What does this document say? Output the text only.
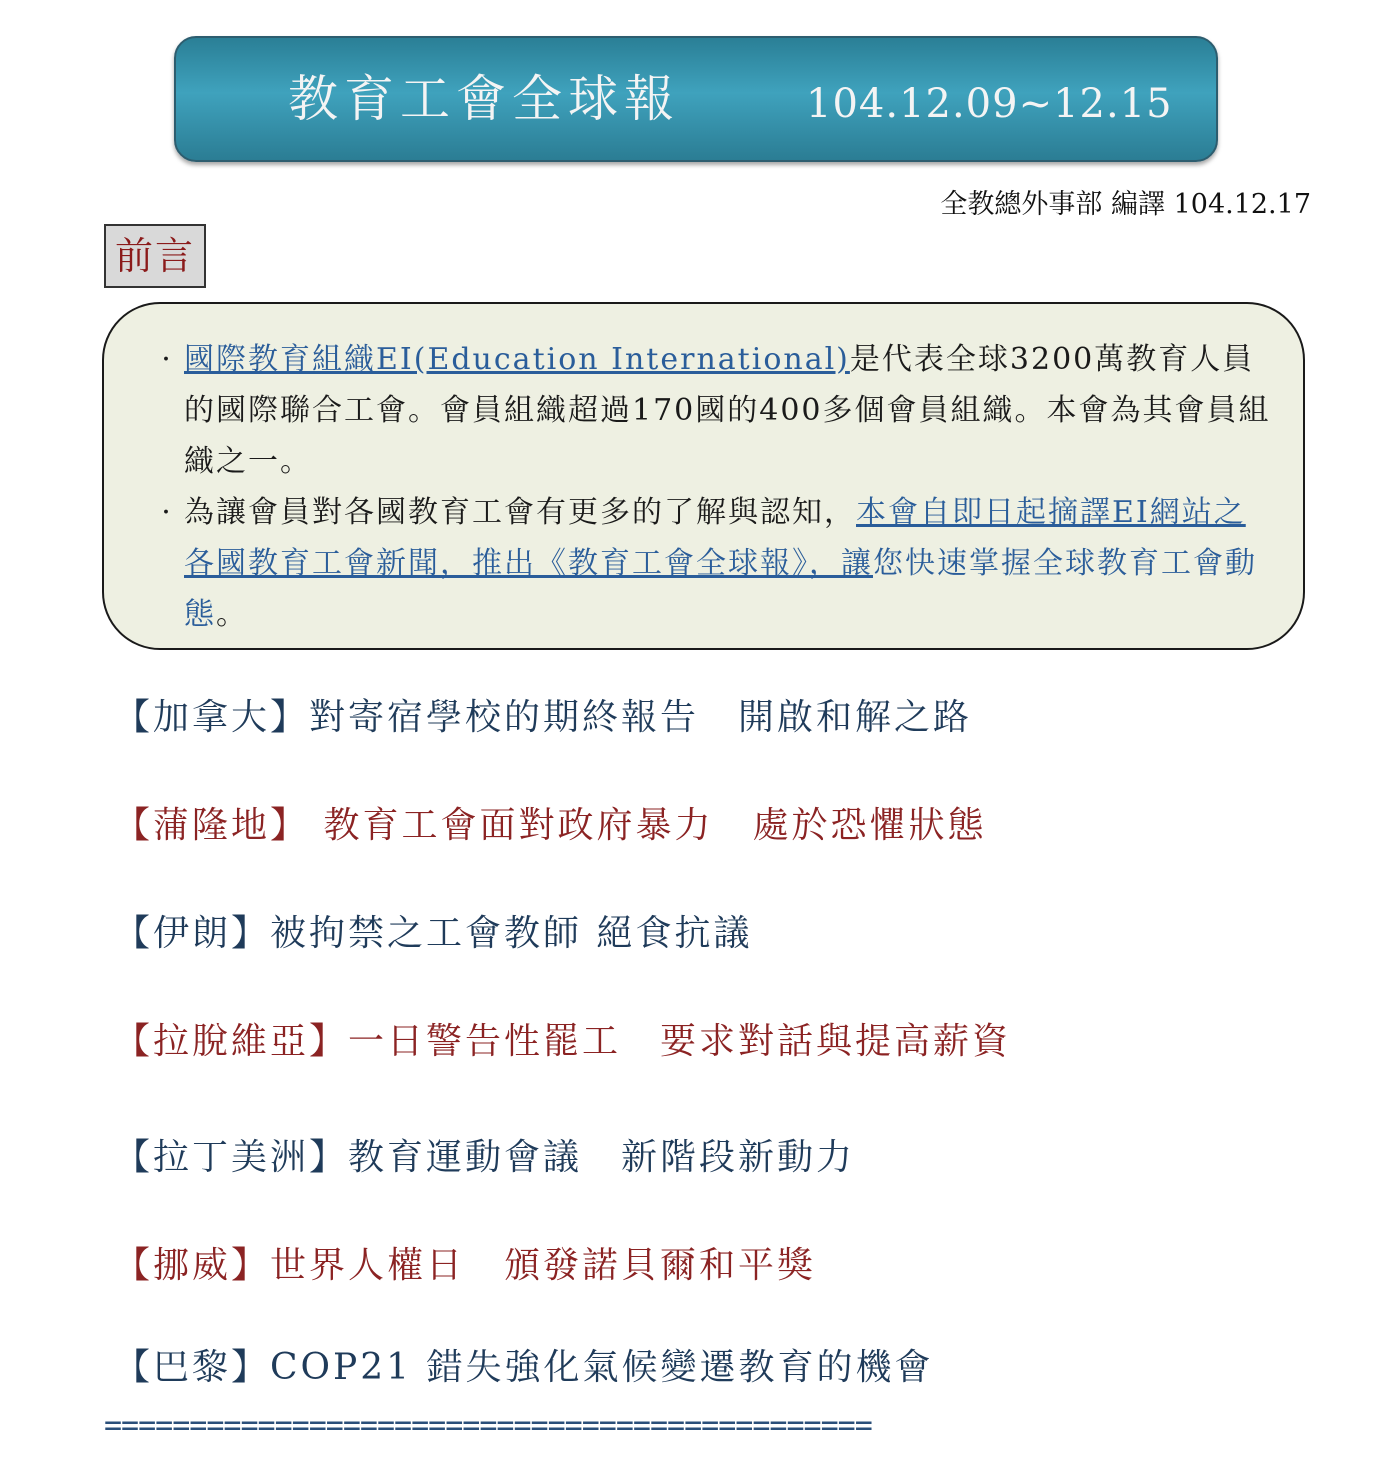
教育工會全球報	104.12.09~12.15
全教總外事部 編譯 104.12.17
前言
· 國際教育組織EI(Education International)是代表全球3200萬教育人員的國際聯合工會。會員組織超過170國的400多個會員組織。本會為其會員組織之一。
· 為讓會員對各國教育工會有更多的了解與認知，本會自即日起摘譯EI網站之各國教育工會新聞，推出《教育工會全球報》，讓您快速掌握全球教育工會動態。
【加拿大】對寄宿學校的期終報告　開啟和解之路
【蒲隆地】 教育工會面對政府暴力　處於恐懼狀態
【伊朗】被拘禁之工會教師 絕食抗議
【拉脫維亞】一日警告性罷工　要求對話與提高薪資
【拉丁美洲】教育運動會議　新階段新動力
【挪威】世界人權日　頒發諾貝爾和平獎
【巴黎】COP21 錯失強化氣候變遷教育的機會
=============================================
